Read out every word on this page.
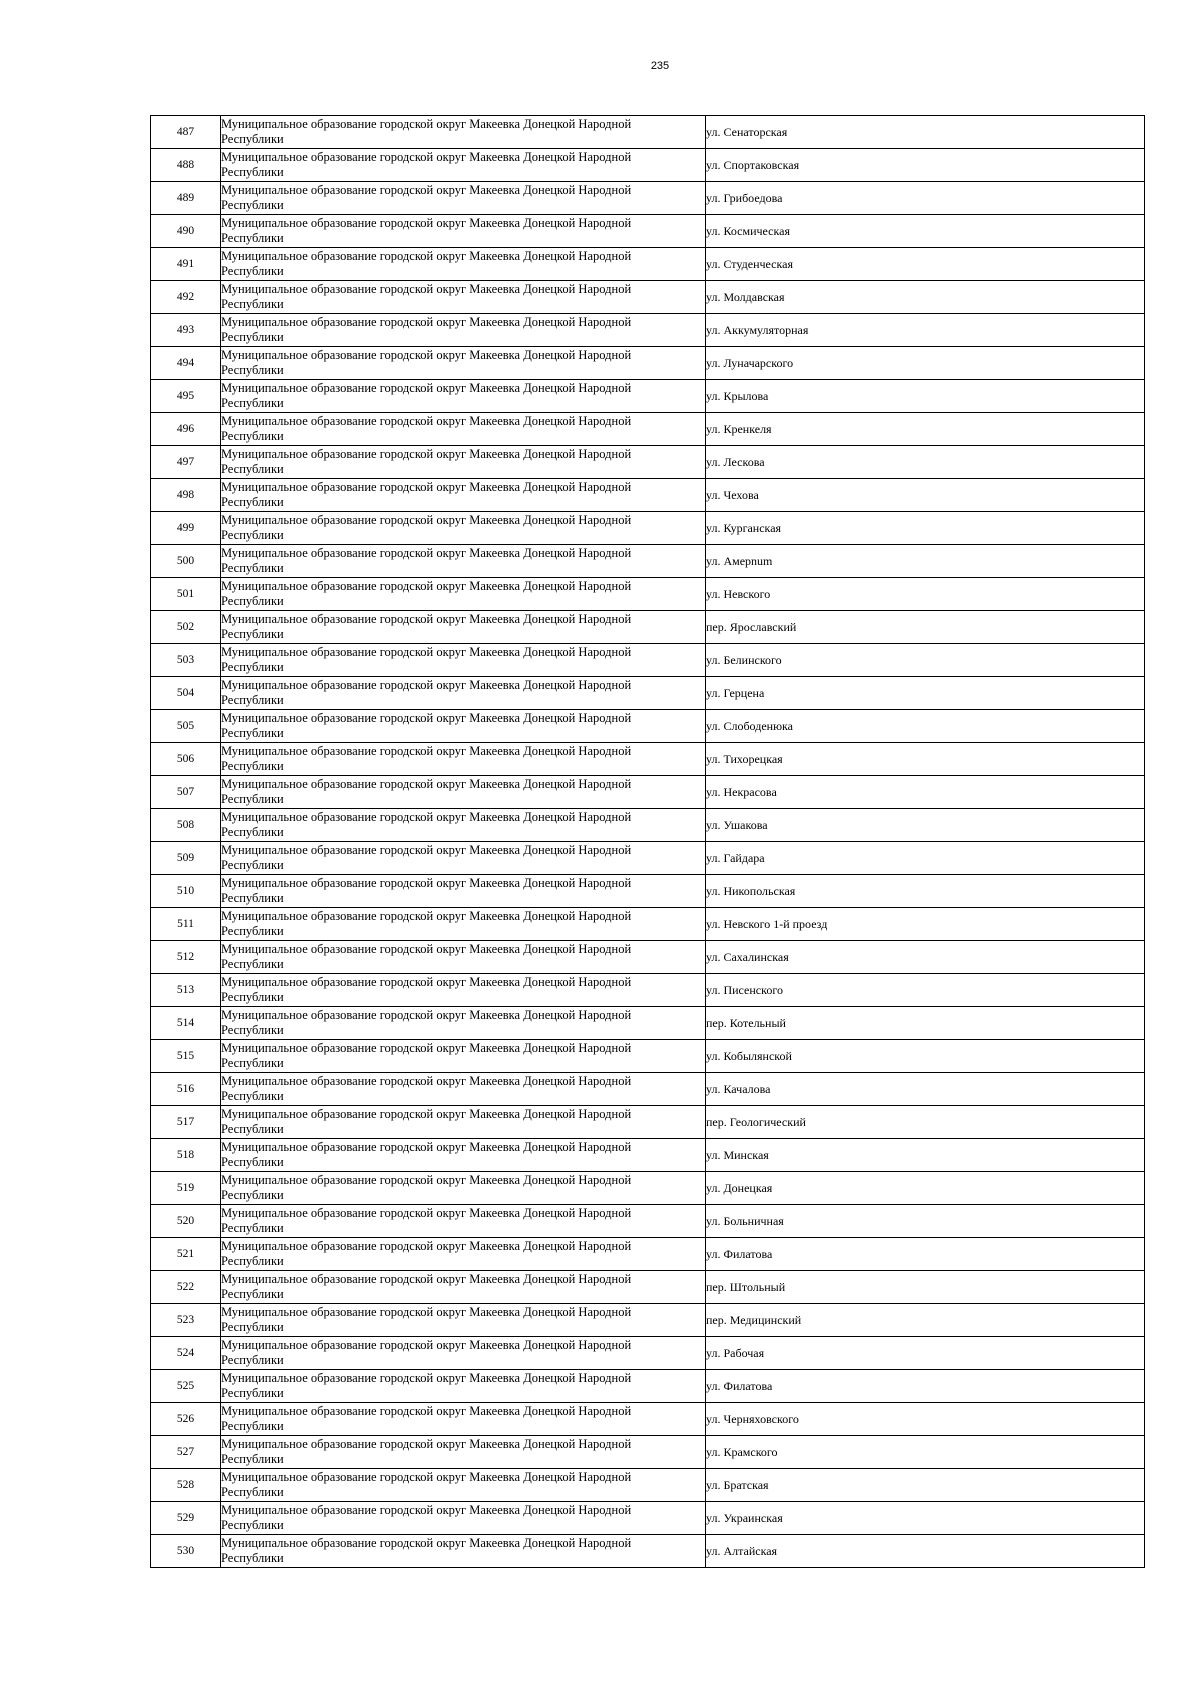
235
487	Муниципальное образование городской округ Макеевка Донецкой Народной
Республики	ул. Сенаторская
488	Муниципальное образование городской округ Макеевка Донецкой Народной
Республики	ул. Спортаковская
489	Муниципальное образование городской округ Макеевка Донецкой Народной
Республики	ул. Грибоедова
490	Муниципальное образование городской округ Макеевка Донецкой Народной
Республики	ул. Космическая
491	Муниципальное образование городской округ Макеевка Донецкой Народной
Республики	ул. Студенческая
492	Муниципальное образование городской округ Макеевка Донецкой Народной
Республики	ул. Молдавская
493	Муниципальное образование городской округ Макеевка Донецкой Народной
Республики	ул. Аккумуляторная
494	Муниципальное образование городской округ Макеевка Донецкой Народной
Республики	ул. Луначарского
495	Муниципальное образование городской округ Макеевка Донецкой Народной
Республики	ул. Крылова
496	Муниципальное образование городской округ Макеевка Донецкой Народной
Республики	ул. Кренкеля
497	Муниципальное образование городской округ Макеевка Донецкой Народной
Республики	ул. Лескова
498	Муниципальное образование городской округ Макеевка Донецкой Народной
Республики	ул. Чехова
499	Муниципальное образование городской округ Макеевка Донецкой Народной
Республики	ул. Курганская
500	Муниципальное образование городской округ Макеевка Донецкой Народной
Республики	ул. Амерnum
501	Муниципальное образование городской округ Макеевка Донецкой Народной
Республики	ул. Невского
502	Муниципальное образование городской округ Макеевка Донецкой Народной
Республики	пер. Ярославский
503	Муниципальное образование городской округ Макеевка Донецкой Народной
Республики	ул. Белинского
504	Муниципальное образование городской округ Макеевка Донецкой Народной
Республики	ул. Герцена
505	Муниципальное образование городской округ Макеевка Донецкой Народной
Республики	ул. Слободенюка
506	Муниципальное образование городской округ Макеевка Донецкой Народной
Республики	ул. Тихорецкая
507	Муниципальное образование городской округ Макеевка Донецкой Народной
Республики	ул. Некрасова
508	Муниципальное образование городской округ Макеевка Донецкой Народной
Республики	ул. Ушакова
509	Муниципальное образование городской округ Макеевка Донецкой Народной
Республики	ул. Гайдара
510	Муниципальное образование городской округ Макеевка Донецкой Народной
Республики	ул. Никопольская
511	Муниципальное образование городской округ Макеевка Донецкой Народной
Республики	ул. Невского 1-й проезд
512	Муниципальное образование городской округ Макеевка Донецкой Народной
Республики	ул. Сахалинская
513	Муниципальное образование городской округ Макеевка Донецкой Народной
Республики	ул. Писенского
514	Муниципальное образование городской округ Макеевка Донецкой Народной
Республики	пер. Котельный
515	Муниципальное образование городской округ Макеевка Донецкой Народной
Республики	ул. Кобылянской
516	Муниципальное образование городской округ Макеевка Донецкой Народной
Республики	ул. Качалова
517	Муниципальное образование городской округ Макеевка Донецкой Народной
Республики	пер. Геологический
518	Муниципальное образование городской округ Макеевка Донецкой Народной
Республики	ул. Минская
519	Муниципальное образование городской округ Макеевка Донецкой Народной
Республики	ул. Донецкая
520	Муниципальное образование городской округ Макеевка Донецкой Народной
Республики	ул. Больничная
521	Муниципальное образование городской округ Макеевка Донецкой Народной
Республики	ул. Филатова
522	Муниципальное образование городской округ Макеевка Донецкой Народной
Республики	пер. Штольный
523	Муниципальное образование городской округ Макеевка Донецкой Народной
Республики	пер. Медицинский
524	Муниципальное образование городской округ Макеевка Донецкой Народной
Республики	ул. Рабочая
525	Муниципальное образование городской округ Макеевка Донецкой Народной
Республики	ул. Филатова
526	Муниципальное образование городской округ Макеевка Донецкой Народной
Республики	ул. Черняховского
527	Муниципальное образование городской округ Макеевка Донецкой Народной
Республики	ул. Крамского
528	Муниципальное образование городской округ Макеевка Донецкой Народной
Республики	ул. Братская
529	Муниципальное образование городской округ Макеевка Донецкой Народной
Республики	ул. Украинская
530	Муниципальное образование городской округ Макеевка Донецкой Народной
Республики	ул. Алтайская
